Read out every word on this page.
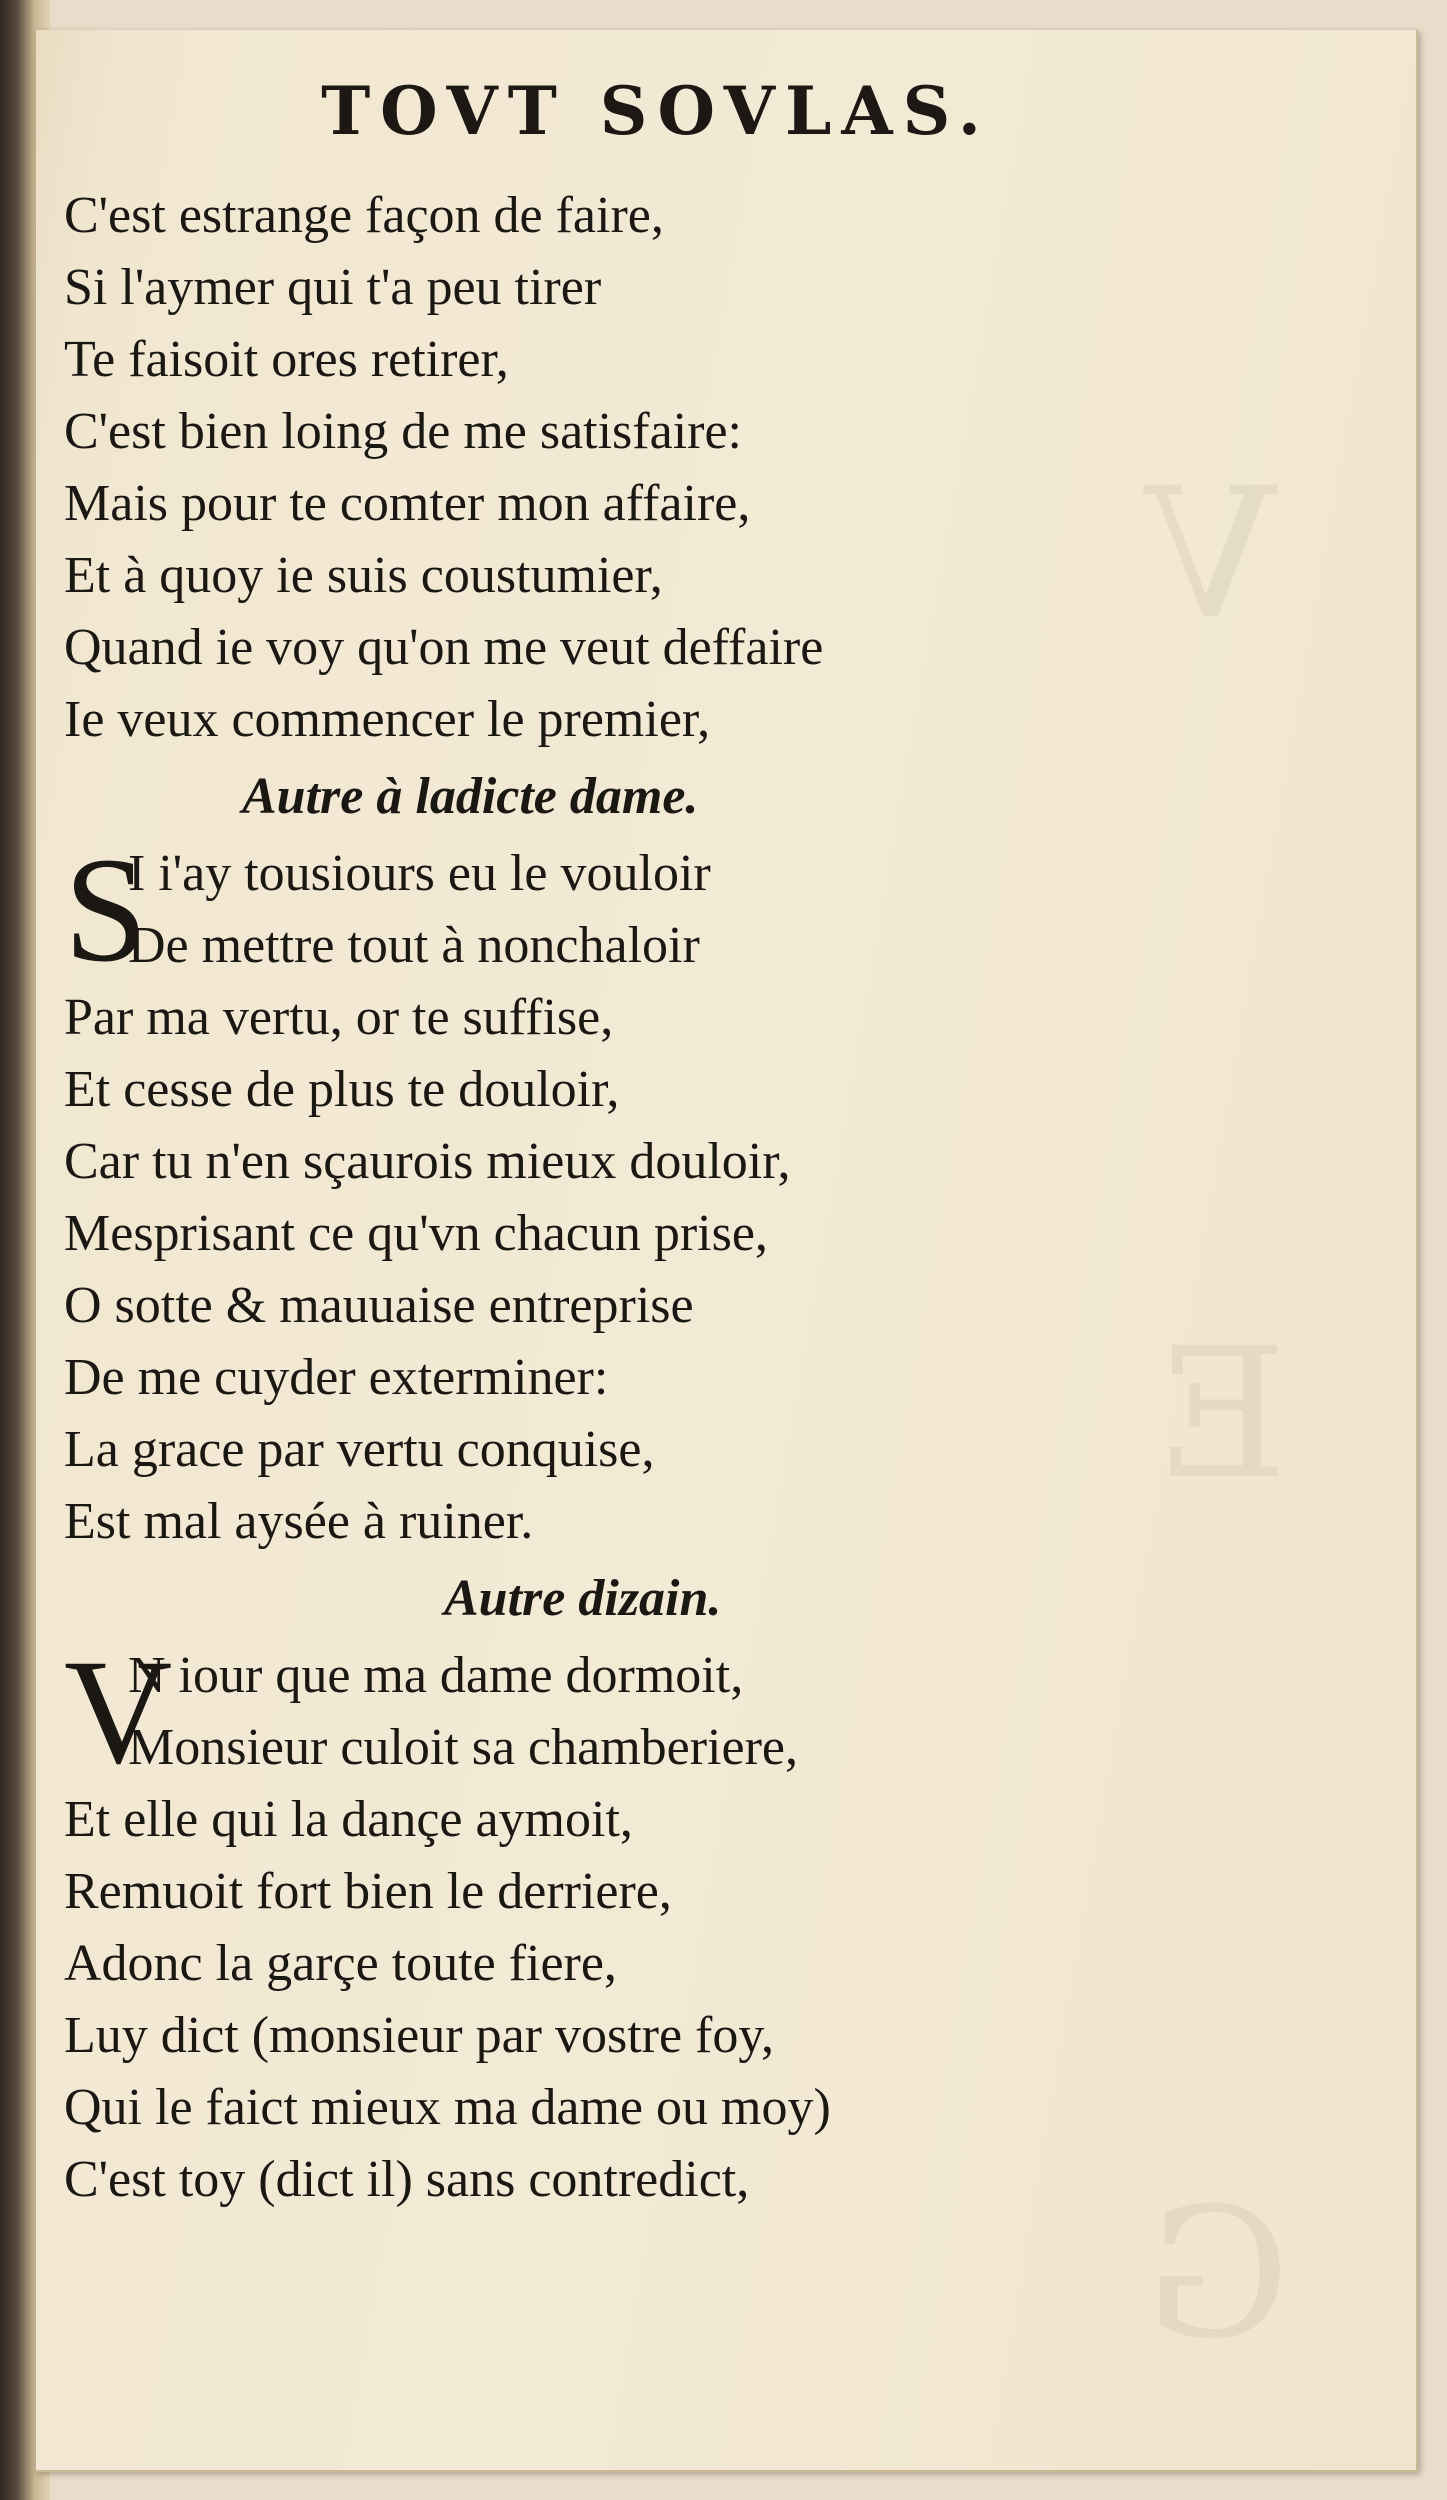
V
E
G
TOVT SOVLAS.
C'est estrange façon de faire,
Si l'aymer qui t'a peu tirer
Te faisoit ores retirer,
C'est bien loing de me satisfaire:
Mais pour te comter mon affaire,
Et à quoy ie suis coustumier,
Quand ie voy qu'on me veut deffaire
Ie veux commencer le premier,
Autre à ladicte dame.
S
I i'ay tousiours eu le vouloir
De mettre tout à nonchaloir
Par ma vertu, or te suffise,
Et cesse de plus te douloir,
Car tu n'en sçaurois mieux douloir,
Mesprisant ce qu'vn chacun prise,
O sotte & mauuaise entreprise
De me cuyder exterminer:
La grace par vertu conquise,
Est mal aysée à ruiner.
Autre dizain.
V
N iour que ma dame dormoit,
Monsieur culoit sa chamberiere,
Et elle qui la dançe aymoit,
Remuoit fort bien le derriere,
Adonc la garçe toute fiere,
Luy dict (monsieur par vostre foy,
Qui le faict mieux ma dame ou moy)
C'est toy (dict il) sans contredict,
